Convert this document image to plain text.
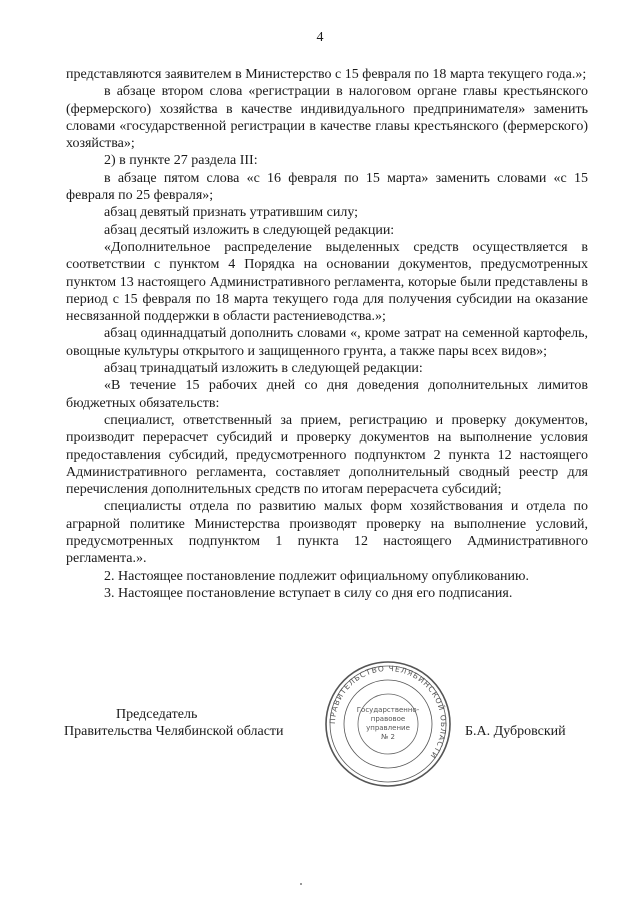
4

представляются заявителем в Министерство с 15 февраля по 18 марта текущего года.»;

в абзаце втором слова «регистрации в налоговом органе главы крестьянского (фермерского) хозяйства в качестве индивидуального предпринимателя» заменить словами «государственной регистрации в качестве главы крестьянского (фермерского) хозяйства»;

2) в пункте 27 раздела III:

в абзаце пятом слова «с 16 февраля по 15 марта» заменить словами «с 15 февраля по 25 февраля»;

абзац девятый признать утратившим силу;

абзац десятый изложить в следующей редакции:

«Дополнительное распределение выделенных средств осуществляется в соответствии с пунктом 4 Порядка на основании документов, предусмотренных пунктом 13 настоящего Административного регламента, которые были представлены в период с 15 февраля по 18 марта текущего года для получения субсидии на оказание несвязанной поддержки в области растениеводства.»;

абзац одиннадцатый дополнить словами «, кроме затрат на семенной картофель, овощные культуры открытого и защищенного грунта, а также пары всех видов»;

абзац тринадцатый изложить в следующей редакции:

«В течение 15 рабочих дней со дня доведения дополнительных лимитов бюджетных обязательств:

специалист, ответственный за прием, регистрацию и проверку документов, производит перерасчет субсидий и проверку документов на выполнение условия предоставления субсидий, предусмотренного подпунктом 2 пункта 12 настоящего Административного регламента, составляет дополнительный сводный реестр для перечисления дополнительных средств по итогам перерасчета субсидий;

специалисты отдела по развитию малых форм хозяйствования и отдела по аграрной политике Министерства производят проверку на выполнение условий, предусмотренных подпунктом 1 пункта 12 настоящего Административного регламента.».

2. Настоящее постановление подлежит официальному опубликованию.

3. Настоящее постановление вступает в силу со дня его подписания.

Председатель
Правительства Челябинской области
ПРАВИТЕЛЬСТВО ЧЕЛЯБИНСКОЙ ОБЛАСТИ
Государственно-
правовое
управление
№ 2	Б.А. Дубровский
